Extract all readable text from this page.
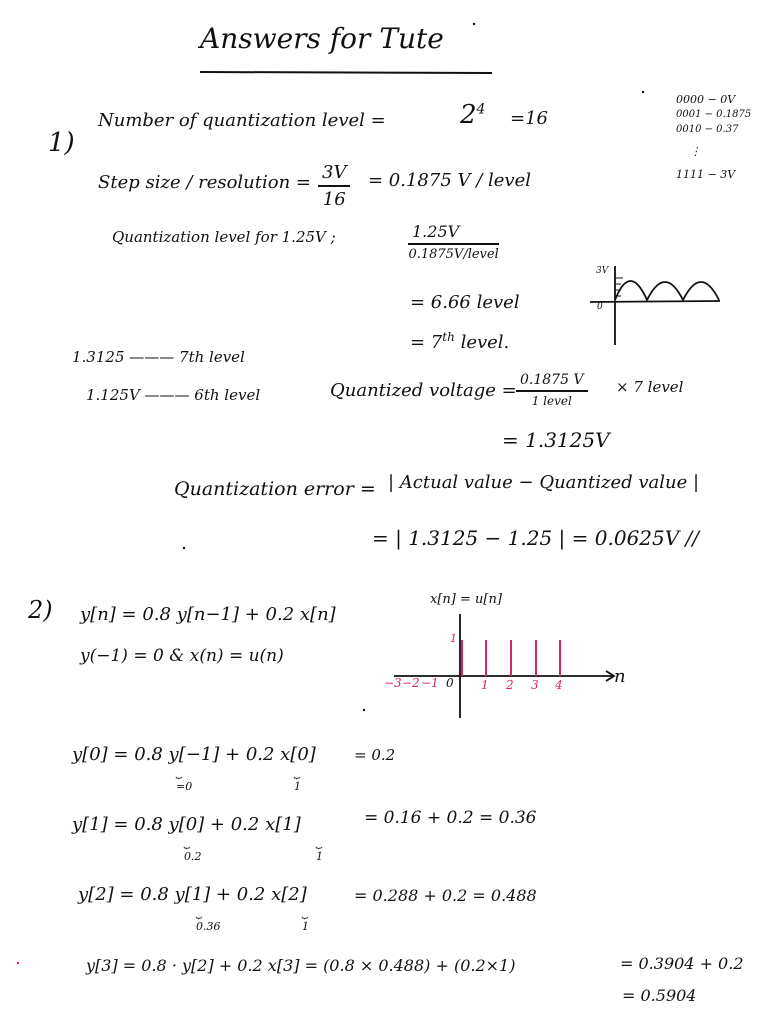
Answers for Tute
1)
Number of quantization level =	$2^4 =16$
0000 − 0V
0001 − 0.1875
0010 − 0.37
⋮
1111 − 3V
Step size / resolution = $\frac{3V}{16} = 0.1875$ V / level
Quantization level for 1.25V ;	1.25V
0.1875V/level
= 6.66 level
= 7th level.
3V
0
1.3125 ——— 7th level
1.125V ——— 6th level	Quantized voltage = 0.1875 V
1 level
× 7 level
= 1.3125V
Quantization error = | Actual value − Quantized value |
= | 1.3125 − 1.25 | = 0.0625V //
2) y[n] = 0.8 y[n−1] + 0.2 x[n]
y(−1) = 0 & x(n) = u(n)
x[n] = u[n]
1
n
−3 −2 −1 0 1 2 3 4
y[0] = 0.8 y[−1] + 0.2 x[0]
⏟
=0
⏟
1
= 0.2
y[1] = 0.8 y[0] + 0.2 x[1]
⏟
0.2
⏟
1
= 0.16 + 0.2 = 0.36
y[2] = 0.8 y[1] + 0.2 x[2]
⏟
0.36
⏟
1
= 0.288 + 0.2 = 0.488
y[3] = 0.8 · y[2] + 0.2 x[3] = (0.8 × 0.488) + (0.2×1)	= 0.3904 + 0.2
= 0.5904
